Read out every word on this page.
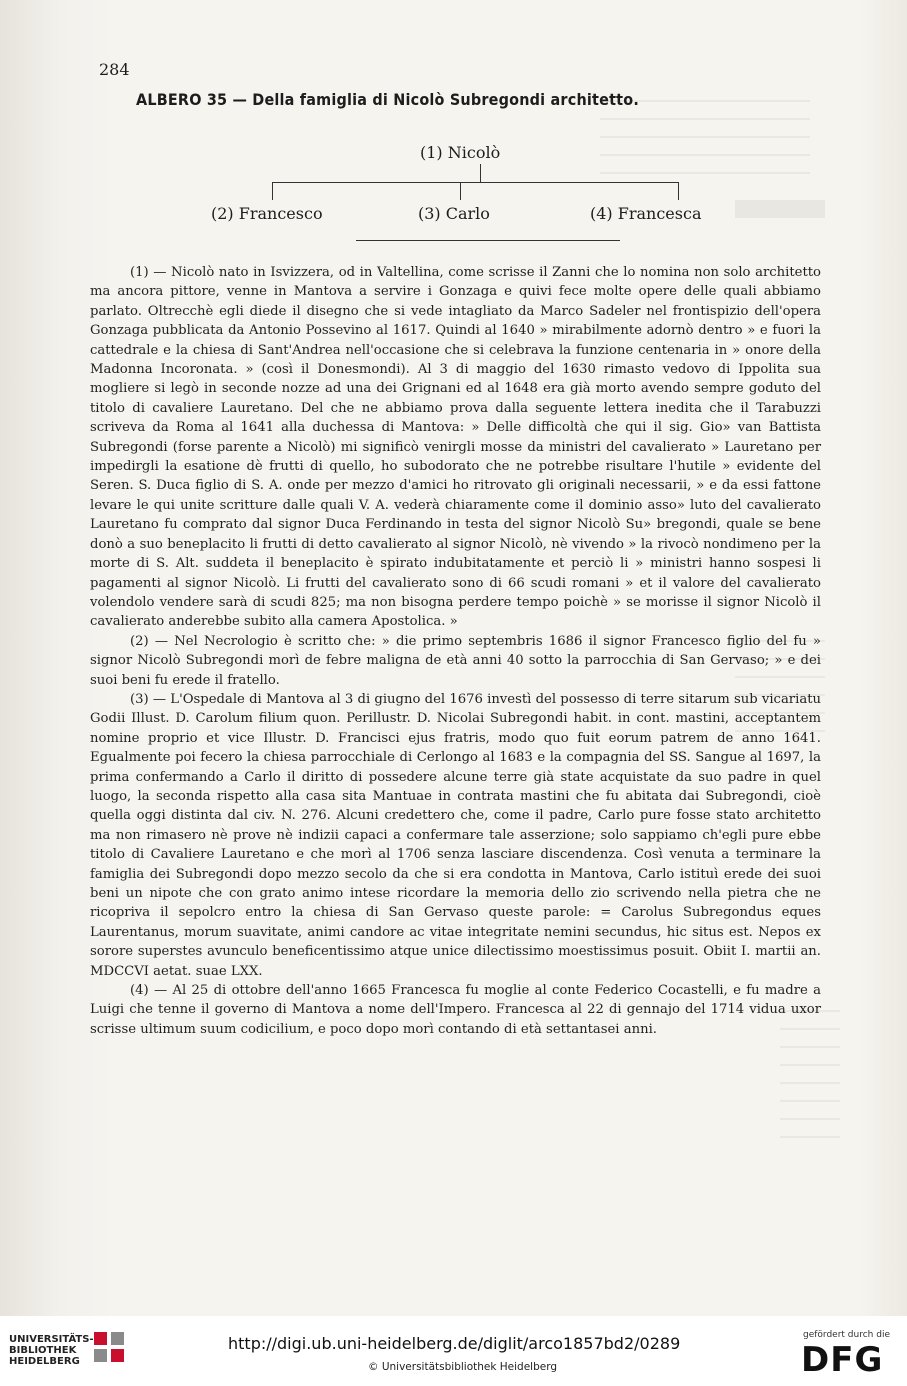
284
ALBERO 35 — Della famiglia di Nicolò Subregondi architetto.
(1) Nicolò
(2) Francesco	(3) Carlo	(4) Francesca

(1) — Nicolò nato in Isvizzera, od in Valtellina, come scrisse il Zanni che lo nomina non solo architetto ma ancora pittore, venne in Mantova a servire i Gonzaga e quivi fece molte opere delle quali abbiamo parlato. Oltrecchè egli diede il disegno che si vede intagliato da Marco Sadeler nel frontispizio dell'opera Gonzaga pubblicata da Antonio Possevino al 1617. Quindi al 1640 » mirabilmente adornò dentro » e fuori la cattedrale e la chiesa di Sant'Andrea nell'occasione che si celebrava la funzione centenaria in » onore della Madonna Incoronata. » (così il Donesmondi). Al 3 di maggio del 1630 rimasto vedovo di Ippolita sua mogliere si legò in seconde nozze ad una dei Grignani ed al 1648 era già morto avendo sempre goduto del titolo di cavaliere Lauretano. Del che ne abbiamo prova dalla seguente lettera inedita che il Tarabuzzi scriveva da Roma al 1641 alla duchessa di Mantova: » Delle difficoltà che qui il sig. Gio» van Battista Subregondi (forse parente a Nicolò) mi significò venirgli mosse da ministri del cavalierato » Lauretano per impedirgli la esatione dè frutti di quello, ho subodorato che ne potrebbe risultare l'hutile » evidente del Seren. S. Duca figlio di S. A. onde per mezzo d'amici ho ritrovato gli originali necessarii, » e da essi fattone levare le qui unite scritture dalle quali V. A. vederà chiaramente come il dominio asso» luto del cavalierato Lauretano fu comprato dal signor Duca Ferdinando in testa del signor Nicolò Su» bregondi, quale se bene donò a suo beneplacito li frutti di detto cavalierato al signor Nicolò, nè vivendo » la rivocò nondimeno per la morte di S. Alt. suddeta il beneplacito è spirato indubitatamente et perciò li » ministri hanno sospesi li pagamenti al signor Nicolò. Li frutti del cavalierato sono di 66 scudi romani » et il valore del cavalierato volendolo vendere sarà di scudi 825; ma non bisogna perdere tempo poichè » se morisse il signor Nicolò il cavalierato anderebbe subito alla camera Apostolica. »

(2) — Nel Necrologio è scritto che: » die primo septembris 1686 il signor Francesco figlio del fu » signor Nicolò Subregondi morì de febre maligna de età anni 40 sotto la parrocchia di San Gervaso; » e dei suoi beni fu erede il fratello.

(3) — L'Ospedale di Mantova al 3 di giugno del 1676 investì del possesso di terre sitarum sub vicariatu Godii Illust. D. Carolum filium quon. Perillustr. D. Nicolai Subregondi habit. in cont. mastini, acceptantem nomine proprio et vice Illustr. D. Francisci ejus fratris, modo quo fuit eorum patrem de anno 1641. Egualmente poi fecero la chiesa parrocchiale di Cerlongo al 1683 e la compagnia del SS. Sangue al 1697, la prima confermando a Carlo il diritto di possedere alcune terre già state acquistate da suo padre in quel luogo, la seconda rispetto alla casa sita Mantuae in contrata mastini che fu abitata dai Subregondi, cioè quella oggi distinta dal civ. N. 276. Alcuni credettero che, come il padre, Carlo pure fosse stato architetto ma non rimasero nè prove nè indizii capaci a confermare tale asserzione; solo sappiamo ch'egli pure ebbe titolo di Cavaliere Lauretano e che morì al 1706 senza lasciare discendenza. Così venuta a terminare la famiglia dei Subregondi dopo mezzo secolo da che si era condotta in Mantova, Carlo istituì erede dei suoi beni un nipote che con grato animo intese ricordare la memoria dello zio scrivendo nella pietra che ne ricopriva il sepolcro entro la chiesa di San Gervaso queste parole: = Carolus Subregondus eques Laurentanus, morum suavitate, animi candore ac vitae integritate nemini secundus, hic situs est. Nepos ex sorore superstes avunculo beneficentissimo atque unice dilectissimo moestissimus posuit. Obiit I. martii an. MDCCVI aetat. suae LXX.

(4) — Al 25 di ottobre dell'anno 1665 Francesca fu moglie al conte Federico Cocastelli, e fu madre a Luigi che tenne il governo di Mantova a nome dell'Impero. Francesca al 22 di gennajo del 1714 vidua uxor scrisse ultimum suum codicilium, e poco dopo morì contando di età settantasei anni.

UNIVERSITÄTS-
BIBLIOTHEK
HEIDELBERG
http://digi.ub.uni-heidelberg.de/diglit/arco1857bd2/0289
© Universitätsbibliothek Heidelberg
gefördert durch die
DFG
